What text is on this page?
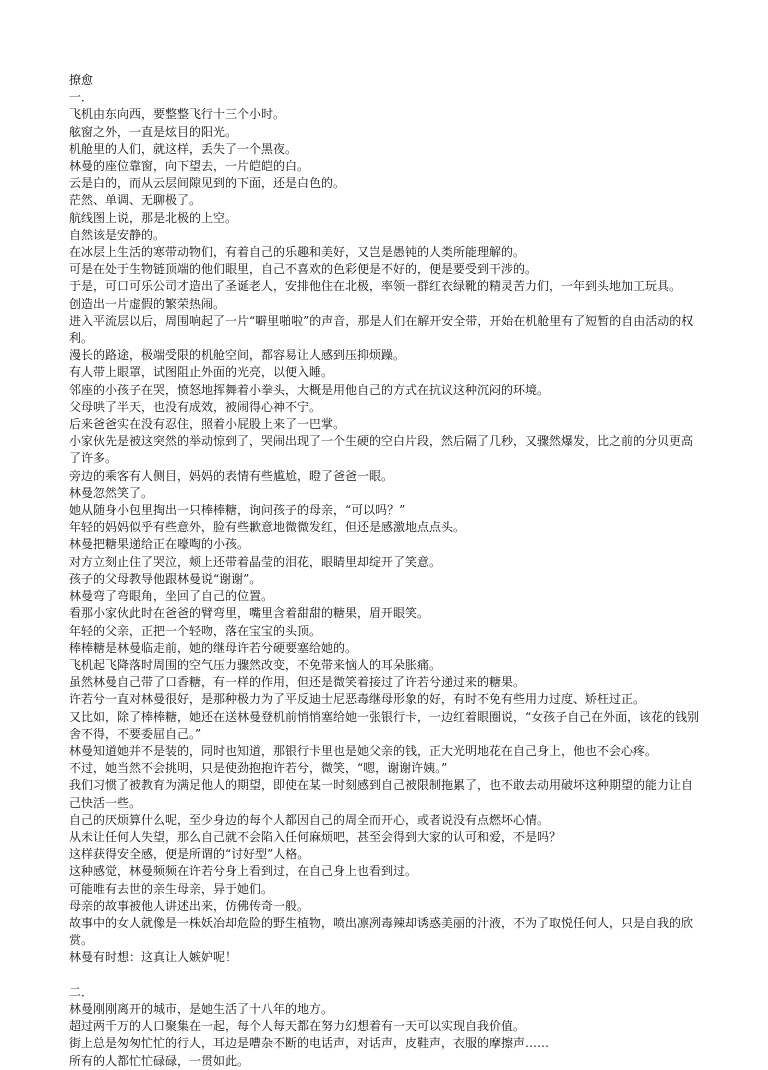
撩愈

一．

飞机由东向西，要整整飞行十三个小时。

舷窗之外，一直是炫目的阳光。

机舱里的人们，就这样，丢失了一个黑夜。

林曼的座位靠窗，向下望去，一片皑皑的白。

云是白的，而从云层间隙见到的下面，还是白色的。

茫然、单调、无聊极了。

航线图上说，那是北极的上空。

自然该是安静的。

在冰层上生活的寒带动物们，有着自己的乐趣和美好，又岂是愚钝的人类所能理解的。

可是在处于生物链顶端的他们眼里，自己不喜欢的色彩便是不好的，便是要受到干涉的。

于是，可口可乐公司才造出了圣诞老人，安排他住在北极，率领一群红衣绿靴的精灵苦力们，一年到头地加工玩具。

创造出一片虚假的繁荣热闹。

进入平流层以后，周围响起了一片“噼里啪啦”的声音，那是人们在解开安全带，开始在机舱里有了短暂的自由活动的权利。

漫长的路途，极端受限的机舱空间，都容易让人感到压抑烦躁。

有人带上眼罩，试图阻止外面的光亮，以便入睡。

邻座的小孩子在哭，愤怒地挥舞着小拳头，大概是用他自己的方式在抗议这种沉闷的环境。

父母哄了半天，也没有成效，被闹得心神不宁。

后来爸爸实在没有忍住，照着小屁股上来了一巴掌。

小家伙先是被这突然的举动惊到了，哭闹出现了一个生硬的空白片段，然后隔了几秒，又骤然爆发，比之前的分贝更高了许多。

旁边的乘客有人侧目，妈妈的表情有些尴尬，瞪了爸爸一眼。

林曼忽然笑了。

她从随身小包里掏出一只棒棒糖，询问孩子的母亲，“可以吗？”

年轻的妈妈似乎有些意外，脸有些歉意地微微发红，但还是感激地点点头。

林曼把糖果递给正在嚎啕的小孩。

对方立刻止住了哭泣，颊上还带着晶莹的泪花，眼睛里却绽开了笑意。

孩子的父母教导他跟林曼说“谢谢”。

林曼弯了弯眼角，坐回了自己的位置。

看那小家伙此时在爸爸的臂弯里，嘴里含着甜甜的糖果，眉开眼笑。

年轻的父亲，正把一个轻吻，落在宝宝的头顶。

棒棒糖是林曼临走前，她的继母许若兮硬要塞给她的。

飞机起飞降落时周围的空气压力骤然改变，不免带来恼人的耳朵胀痛。

虽然林曼自己带了口香糖，有一样的作用，但还是微笑着接过了许若兮递过来的糖果。

许若兮一直对林曼很好，是那种极力为了平反迪士尼恶毒继母形象的好，有时不免有些用力过度、矫枉过正。

又比如，除了棒棒糖，她还在送林曼登机前悄悄塞给她一张银行卡，一边红着眼圈说，“女孩子自己在外面，该花的钱别舍不得，不要委屈自己。”

林曼知道她并不是装的，同时也知道，那银行卡里也是她父亲的钱，正大光明地花在自己身上，他也不会心疼。

不过，她当然不会挑明，只是使劲抱抱许若兮，微笑，“嗯，谢谢许姨。”

我们习惯了被教育为满足他人的期望，即使在某一时刻感到自己被限制拖累了，也不敢去动用破坏这种期望的能力让自己快活一些。

自己的厌烦算什么呢，至少身边的每个人都因自己的周全而开心，或者说没有点燃坏心情。

从未让任何人失望，那么自己就不会陷入任何麻烦吧，甚至会得到大家的认可和爱，不是吗？

这样获得安全感，便是所谓的“讨好型”人格。

这种感觉，林曼频频在许若兮身上看到过，在自己身上也看到过。

可能唯有去世的亲生母亲，异于她们。

母亲的故事被他人讲述出来，仿佛传奇一般。

故事中的女人就像是一株妖冶却危险的野生植物，喷出凛冽毒辣却诱惑美丽的汁液，不为了取悦任何人，只是自我的欣赏。

林曼有时想：这真让人嫉妒呢！

二．

林曼刚刚离开的城市，是她生活了十八年的地方。

超过两千万的人口聚集在一起，每个人每天都在努力幻想着有一天可以实现自我价值。

街上总是匆匆忙忙的行人，耳边是嘈杂不断的电话声，对话声，皮鞋声，衣服的摩擦声……

所有的人都忙忙碌碌，一贯如此。
